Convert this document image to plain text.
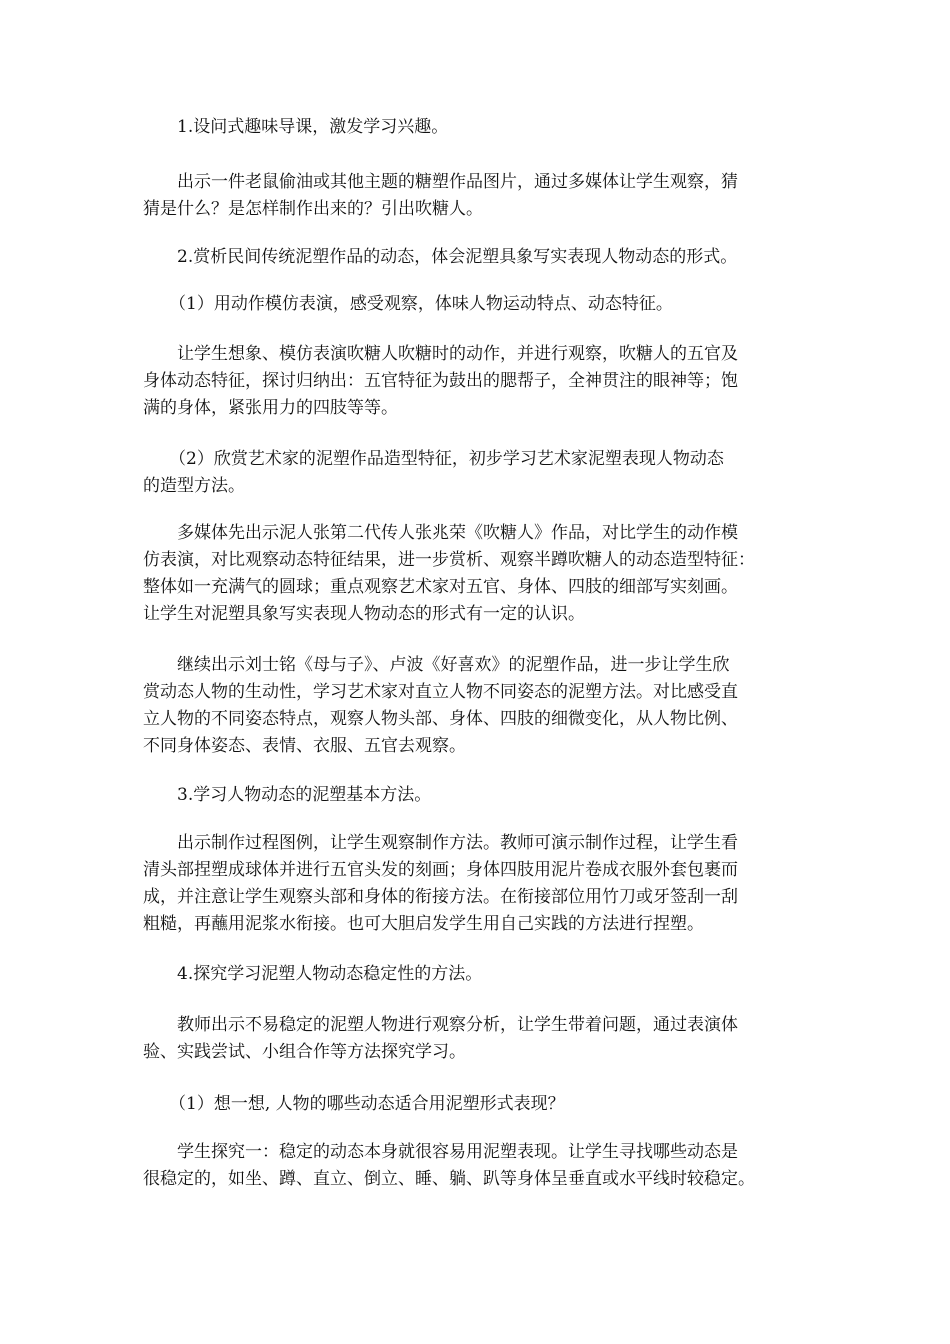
1.设问式趣味导课，激发学习兴趣。
出示一件老鼠偷油或其他主题的糖塑作品图片，通过多媒体让学生观察，猜
猜是什么？是怎样制作出来的？引出吹糖人。
2.赏析民间传统泥塑作品的动态，体会泥塑具象写实表现人物动态的形式。
（1）用动作模仿表演，感受观察，体味人物运动特点、动态特征。
让学生想象、模仿表演吹糖人吹糖时的动作，并进行观察，吹糖人的五官及
身体动态特征，探讨归纳出：五官特征为鼓出的腮帮子，全神贯注的眼神等；饱
满的身体，紧张用力的四肢等等。
（2）欣赏艺术家的泥塑作品造型特征，初步学习艺术家泥塑表现人物动态
的造型方法。
多媒体先出示泥人张第二代传人张兆荣《吹糖人》作品，对比学生的动作模
仿表演，对比观察动态特征结果，进一步赏析、观察半蹲吹糖人的动态造型特征：
整体如一充满气的圆球；重点观察艺术家对五官、身体、四肢的细部写实刻画。
让学生对泥塑具象写实表现人物动态的形式有一定的认识。
继续出示刘士铭《母与子》、卢波《好喜欢》的泥塑作品，进一步让学生欣
赏动态人物的生动性，学习艺术家对直立人物不同姿态的泥塑方法。对比感受直
立人物的不同姿态特点，观察人物头部、身体、四肢的细微变化，从人物比例、
不同身体姿态、表情、衣服、五官去观察。
3.学习人物动态的泥塑基本方法。
出示制作过程图例，让学生观察制作方法。教师可演示制作过程，让学生看
清头部捏塑成球体并进行五官头发的刻画；身体四肢用泥片卷成衣服外套包裹而
成，并注意让学生观察头部和身体的衔接方法。在衔接部位用竹刀或牙签刮一刮
粗糙，再蘸用泥浆水衔接。也可大胆启发学生用自己实践的方法进行捏塑。
4.探究学习泥塑人物动态稳定性的方法。
教师出示不易稳定的泥塑人物进行观察分析，让学生带着问题，通过表演体
验、实践尝试、小组合作等方法探究学习。
（1）想一想, 人物的哪些动态适合用泥塑形式表现？
学生探究一：稳定的动态本身就很容易用泥塑表现。让学生寻找哪些动态是
很稳定的，如坐、蹲、直立、倒立、睡、躺、趴等身体呈垂直或水平线时较稳定。
